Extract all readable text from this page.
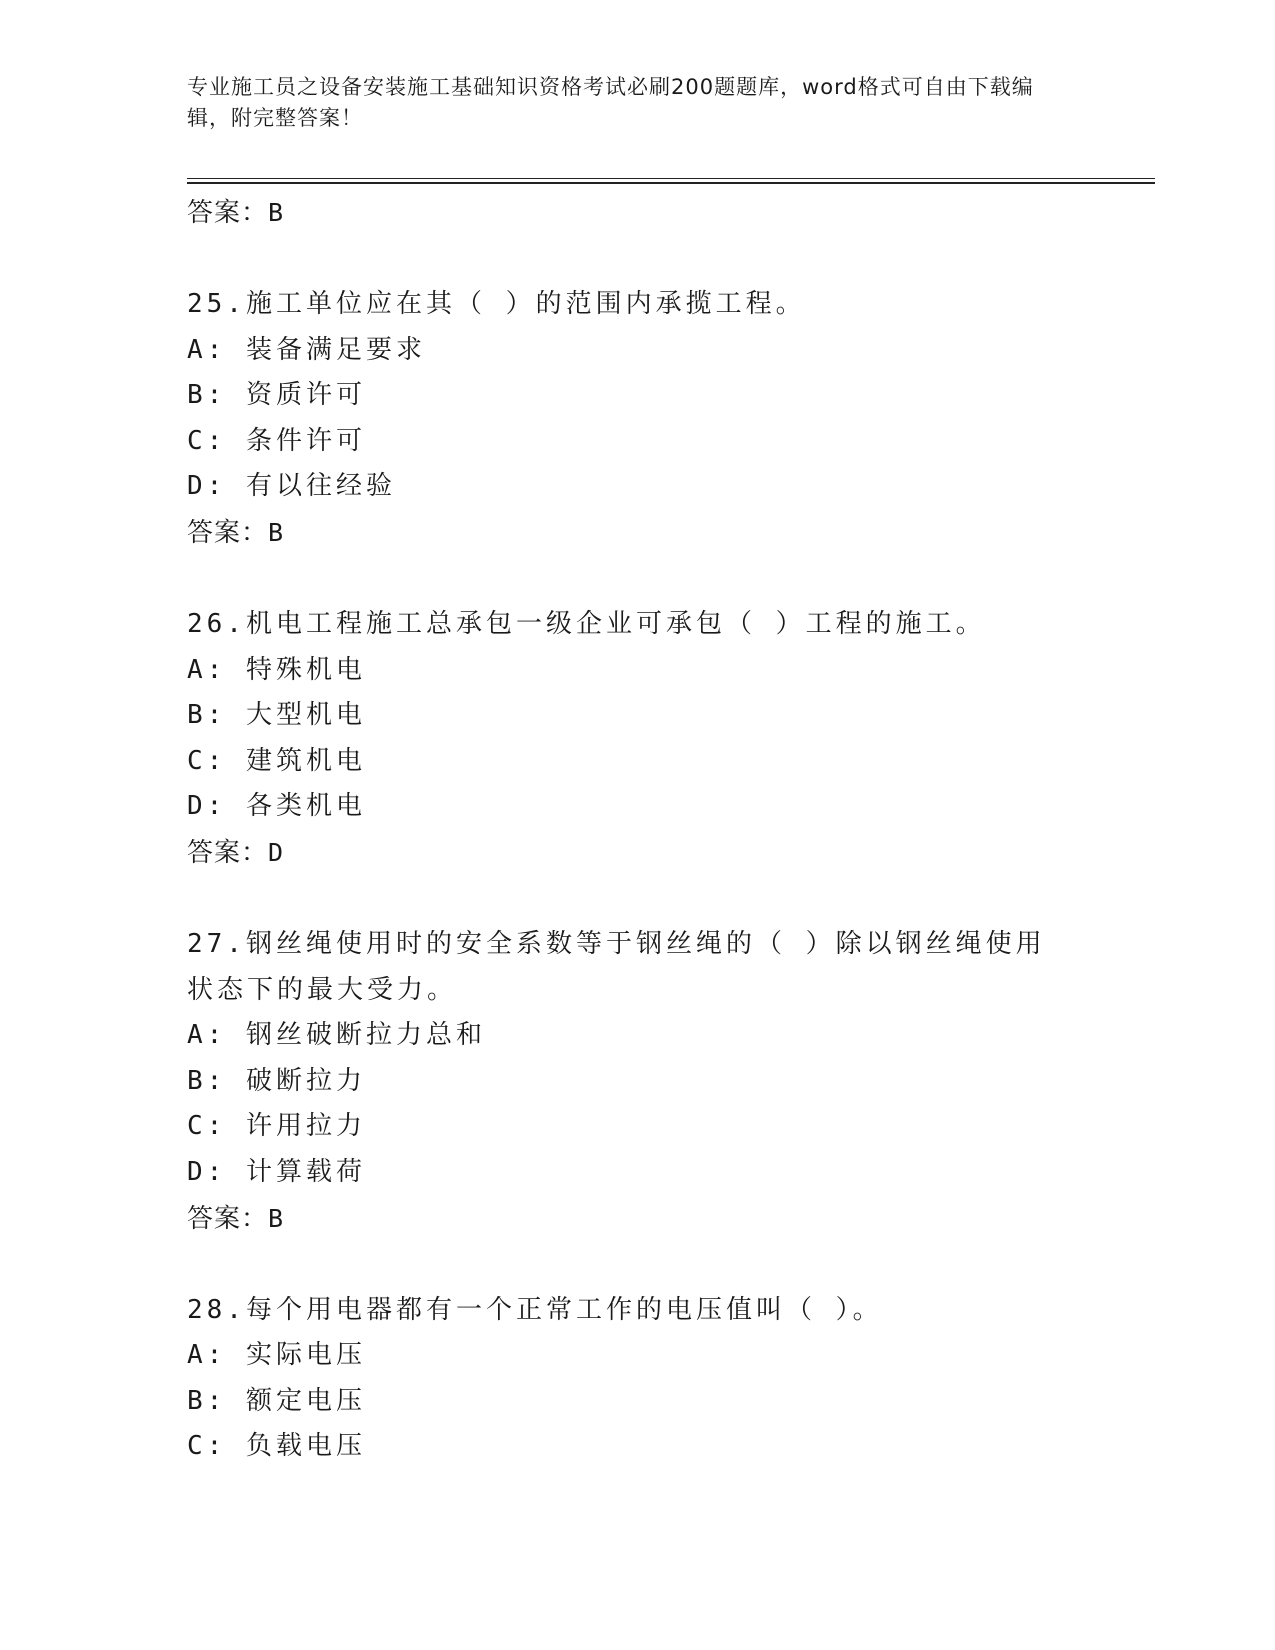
专业施工员之设备安装施工基础知识资格考试必刷200题题库，word格式可自由下载编辑，附完整答案！
答案：B
25.施工单位应在其（ ）的范围内承揽工程。
A: 装备满足要求
B: 资质许可
C: 条件许可
D: 有以往经验
答案：B
26.机电工程施工总承包一级企业可承包（ ）工程的施工。
A: 特殊机电
B: 大型机电
C: 建筑机电
D: 各类机电
答案：D
27.钢丝绳使用时的安全系数等于钢丝绳的（ ）除以钢丝绳使用状态下的最大受力。
A: 钢丝破断拉力总和
B: 破断拉力
C: 许用拉力
D: 计算载荷
答案：B
28.每个用电器都有一个正常工作的电压值叫（ ）。
A: 实际电压
B: 额定电压
C: 负载电压
